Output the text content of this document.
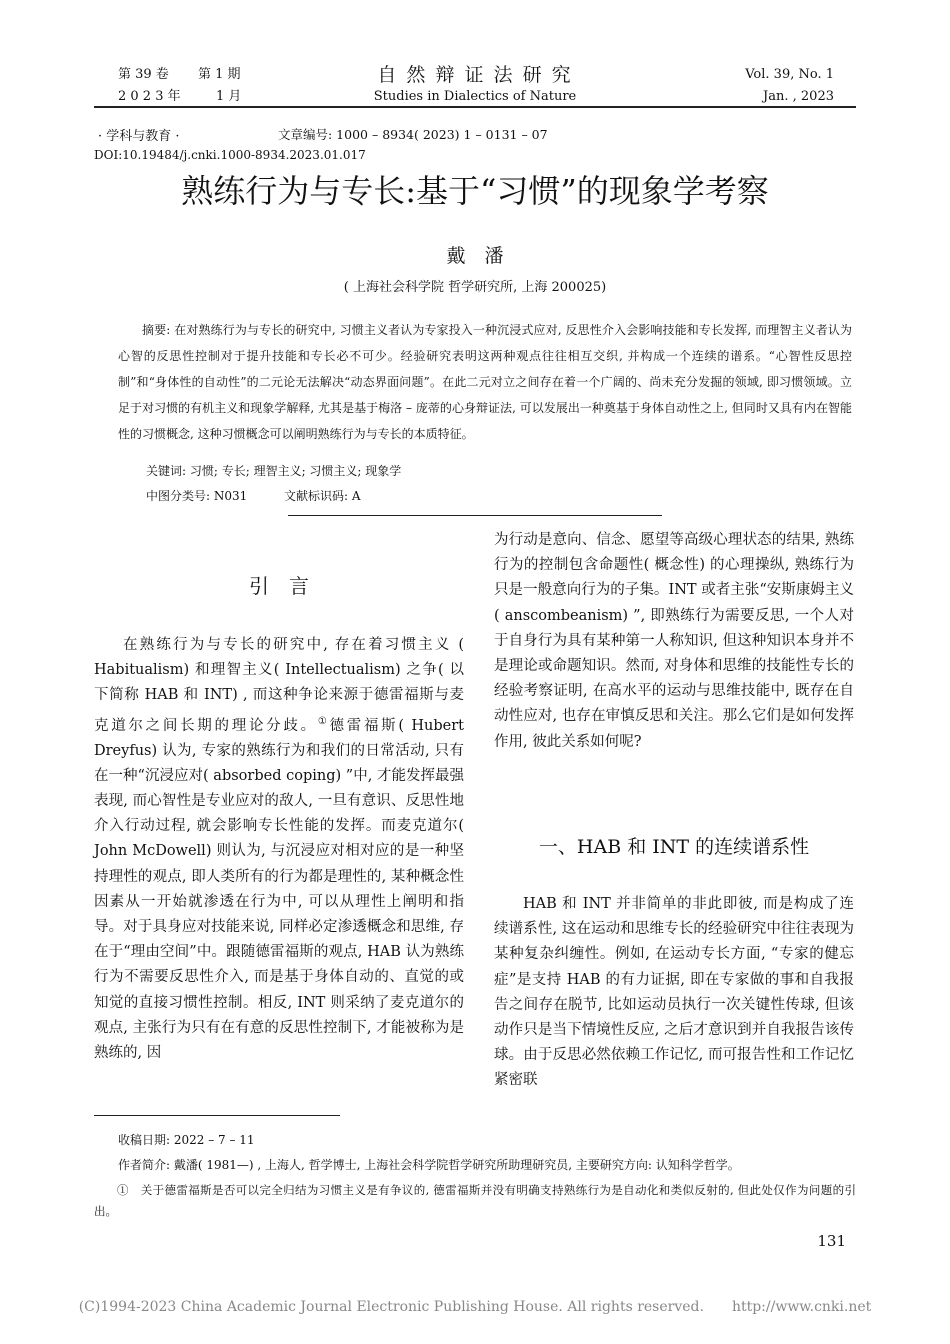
第 39 卷 第 1 期
2 0 2 3 年	1 月
自 然 辩 证 法 研 究
Studies in Dialectics of Nature
Vol. 39, No. 1
Jan. , 2023
· 学科与教育 ·	文章编号: 1000 – 8934( 2023) 1 – 0131 – 07
DOI:10.19484/j.cnki.1000-8934.2023.01.017
熟练行为与专长:基于“习惯”的现象学考察
戴　潘
( 上海社会科学院 哲学研究所, 上海 200025)
摘要: 在对熟练行为与专长的研究中, 习惯主义者认为专家投入一种沉浸式应对, 反思性介入会影响技能和专长发挥, 而理智主义者认为心智的反思性控制对于提升技能和专长必不可少。经验研究表明这两种观点往往相互交织, 并构成一个连续的谱系。“心智性反思控制”和“身体性的自动性”的二元论无法解决“动态界面问题”。在此二元对立之间存在着一个广阔的、尚未充分发掘的领域, 即习惯领域。立足于对习惯的有机主义和现象学解释, 尤其是基于梅洛 – 庞蒂的心身辩证法, 可以发展出一种奠基于身体自动性之上, 但同时又具有内在智能性的习惯概念, 这种习惯概念可以阐明熟练行为与专长的本质特征。
关键词: 习惯; 专长; 理智主义; 习惯主义; 现象学
中图分类号: N031	文献标识码: A
引　言

在熟练行为与专长的研究中, 存在着习惯主义 ( Habitualism) 和理智主义( Intellectualism) 之争( 以下简称 HAB 和 INT) , 而这种争论来源于德雷福斯与麦克道尔之间长期的理论分歧。①德雷福斯( Hubert Dreyfus) 认为, 专家的熟练行为和我们的日常活动, 只有在一种“沉浸应对( absorbed coping) ”中, 才能发挥最强表现, 而心智性是专业应对的敌人, 一旦有意识、反思性地介入行动过程, 就会影响专长性能的发挥。而麦克道尔( John McDowell) 则认为, 与沉浸应对相对应的是一种坚持理性的观点, 即人类所有的行为都是理性的, 某种概念性因素从一开始就渗透在行为中, 可以从理性上阐明和指导。对于具身应对技能来说, 同样必定渗透概念和思维, 存在于“理由空间”中。跟随德雷福斯的观点, HAB 认为熟练行为不需要反思性介入, 而是基于身体自动的、直觉的或知觉的直接习惯性控制。相反, INT 则采纳了麦克道尔的观点, 主张行为只有在有意的反思性控制下, 才能被称为是熟练的, 因

为行动是意向、信念、愿望等高级心理状态的结果, 熟练行为的控制包含命题性( 概念性) 的心理操纵, 熟练行为只是一般意向行为的子集。INT 或者主张“安斯康姆主义( anscombeanism) ”, 即熟练行为需要反思, 一个人对于自身行为具有某种第一人称知识, 但这种知识本身并不是理论或命题知识。然而, 对身体和思维的技能性专长的经验考察证明, 在高水平的运动与思维技能中, 既存在自动性应对, 也存在审慎反思和关注。那么它们是如何发挥作用, 彼此关系如何呢?

一、HAB 和 INT 的连续谱系性

HAB 和 INT 并非简单的非此即彼, 而是构成了连续谱系性, 这在运动和思维专长的经验研究中往往表现为某种复杂纠缠性。例如, 在运动专长方面, “专家的健忘症”是支持 HAB 的有力证据, 即在专家做的事和自我报告之间存在脱节, 比如运动员执行一次关键性传球, 但该动作只是当下情境性反应, 之后才意识到并自我报告该传球。由于反思必然依赖工作记忆, 而可报告性和工作记忆紧密联

收稿日期: 2022 – 7 – 11
作者简介: 戴潘( 1981—) , 上海人, 哲学博士, 上海社会科学院哲学研究所助理研究员, 主要研究方向: 认知科学哲学。
①　关于德雷福斯是否可以完全归结为习惯主义是有争议的, 德雷福斯并没有明确支持熟练行为是自动化和类似反射的, 但此处仅作为问题的引出。
131
(C)1994-2023 China Academic Journal Electronic Publishing House. All rights reserved.　　http://www.cnki.net
